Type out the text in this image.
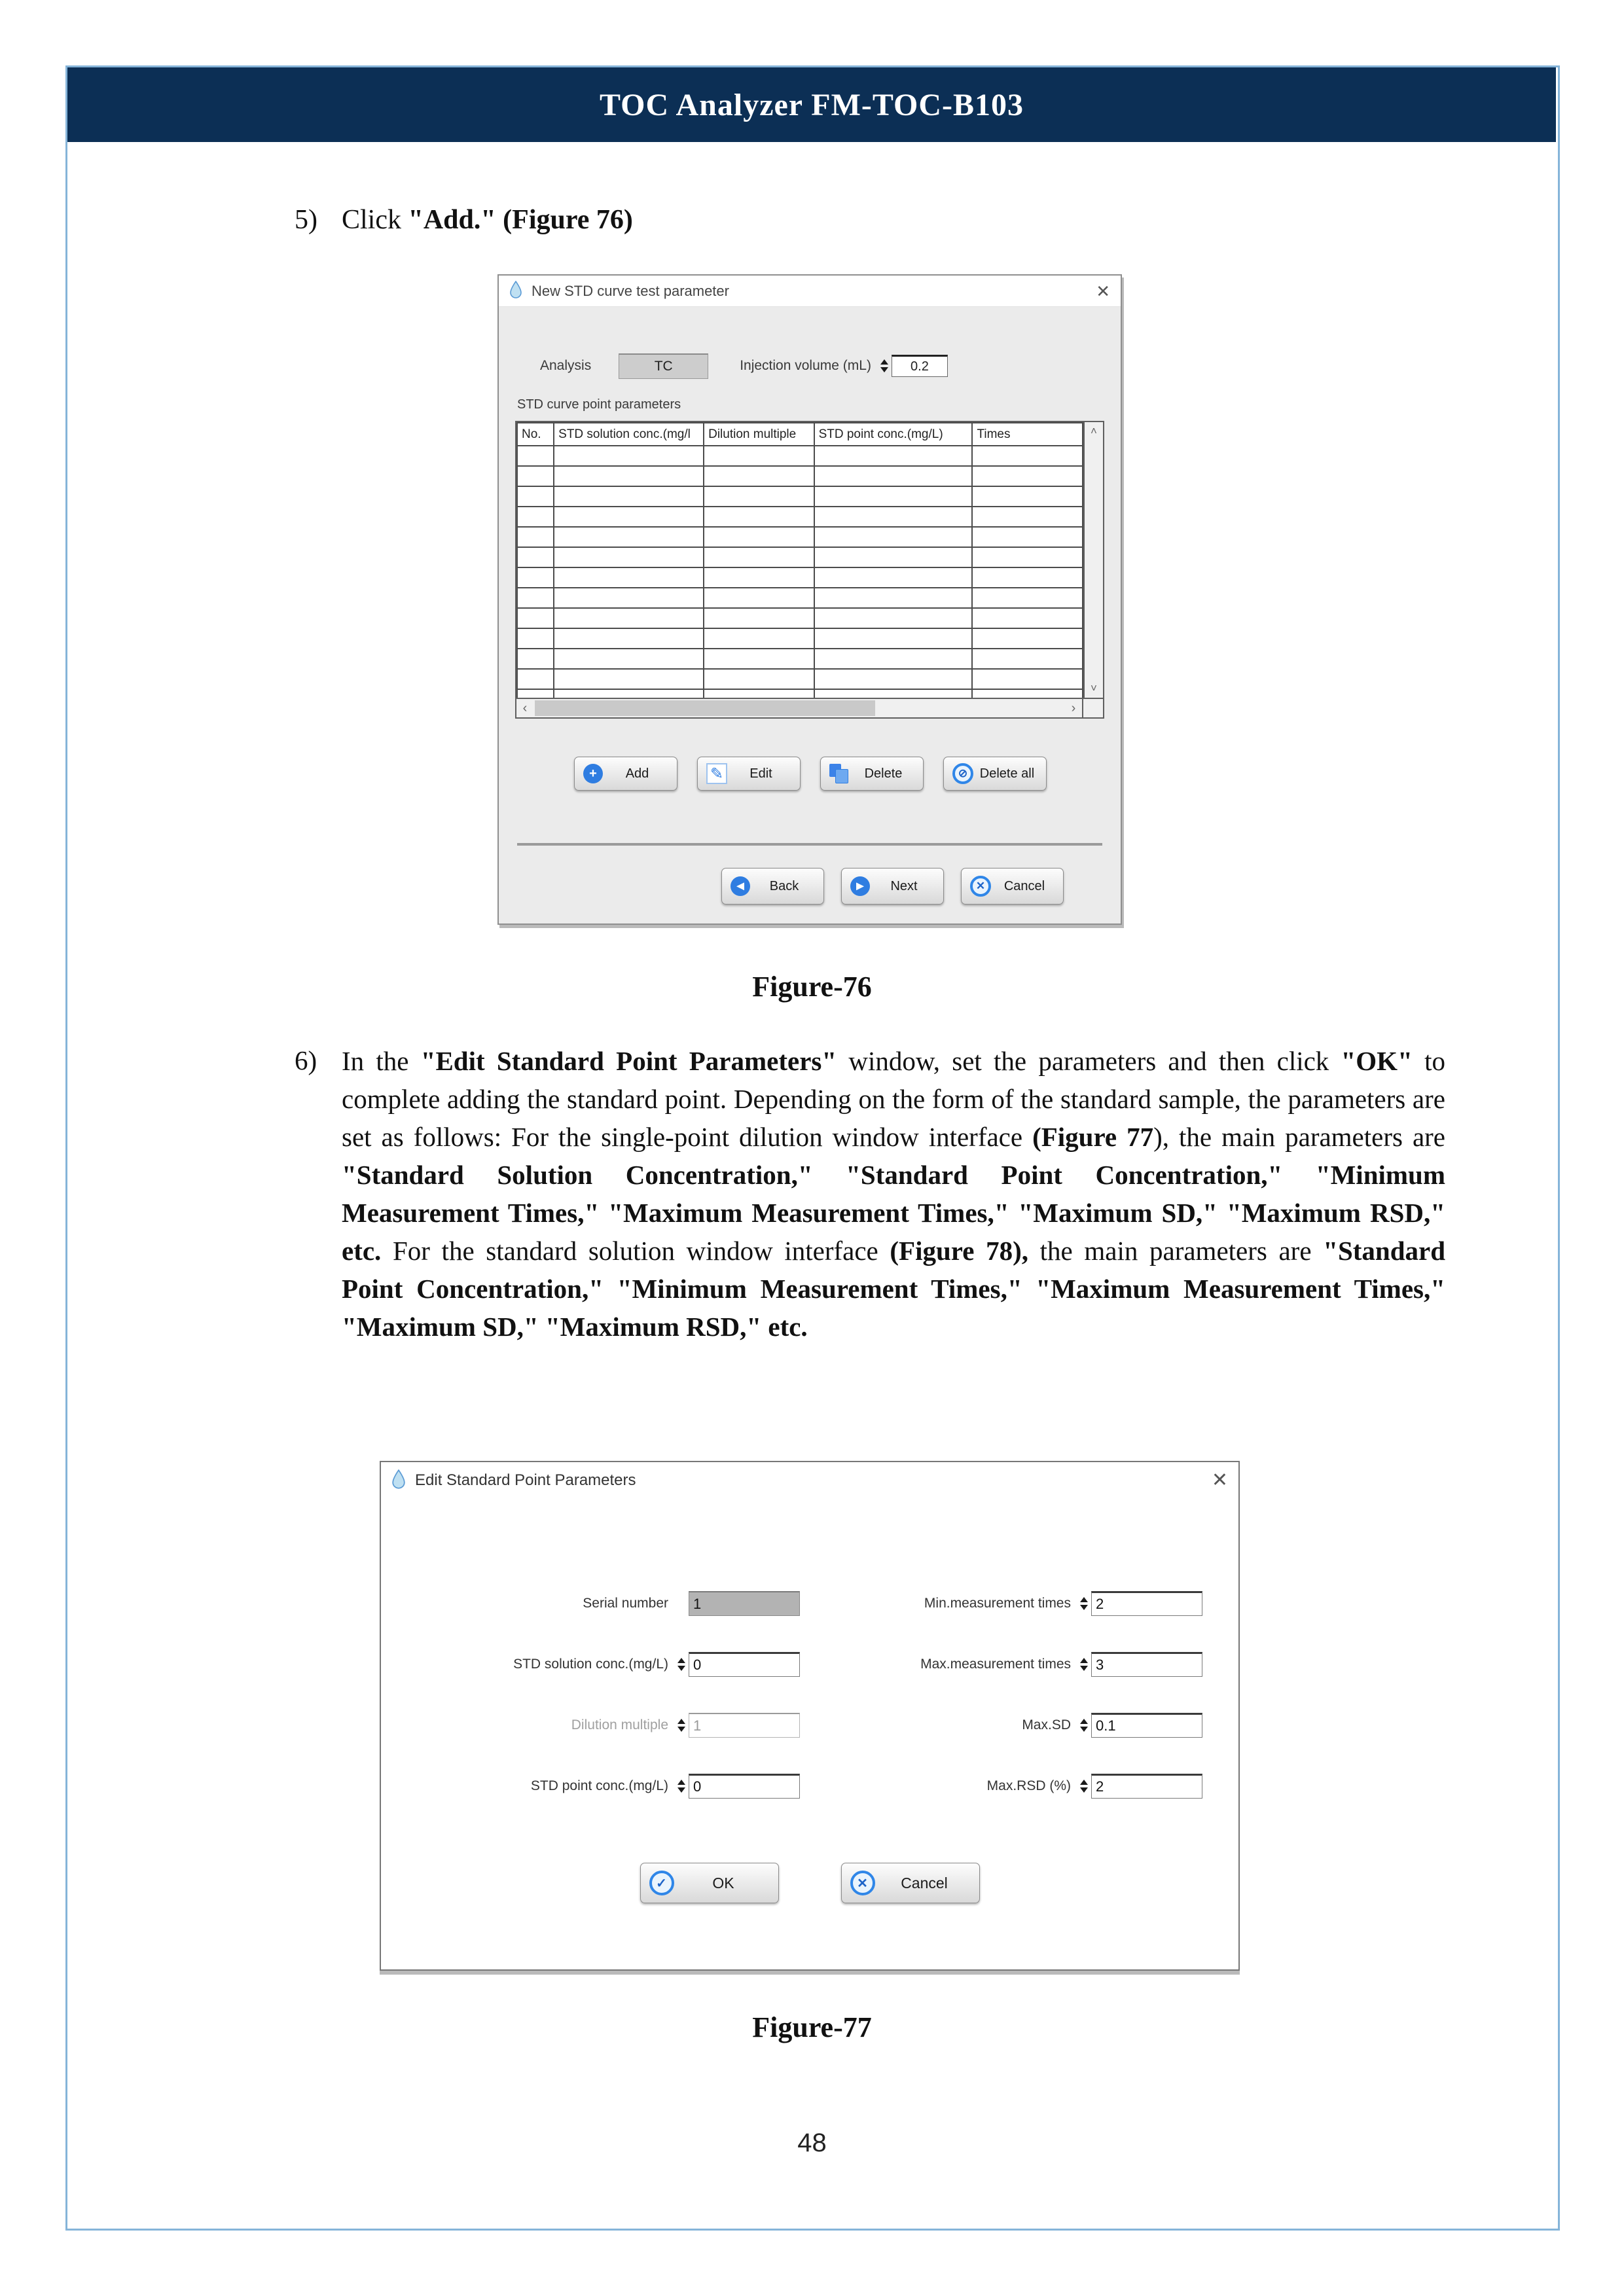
TOC Analyzer FM-TOC-B103
5) Click "Add." (Figure 76)
New STD curve test parameter	✕
Analysis	TC	Injection volume (mL)	0.2
STD curve point parameters
No.	STD solution conc.(mg/l	Dilution multiple	STD point conc.(mg/L)	Times

					˄
˅
‹	›
+	Add	✎	Edit	Delete	⊘ Delete all
◄	Back	►	Next	✕	Cancel
Figure-76
6) In the "Edit Standard Point Parameters" window, set the parameters and then click "OK" to complete adding the standard point. Depending on the form of the standard sample, the parameters are set as follows: For the single-point dilution window interface (Figure 77), the main parameters are "Standard Solution Concentration," "Standard Point Concentration," "Minimum Measurement Times," "Maximum Measurement Times," "Maximum SD," "Maximum RSD," etc. For the standard solution window interface (Figure 78), the main parameters are "Standard Point Concentration," "Minimum Measurement Times," "Maximum Measurement Times," "Maximum SD," "Maximum RSD," etc.
Edit Standard Point Parameters	✕
Serial number	1
STD solution conc.(mg/L)	0
Dilution multiple	1
STD point conc.(mg/L)	0
Min.measurement times	2
Max.measurement times	3
Max.SD	0.1
Max.RSD (%)	2
✓	OK	✕	Cancel
Figure-77
48
